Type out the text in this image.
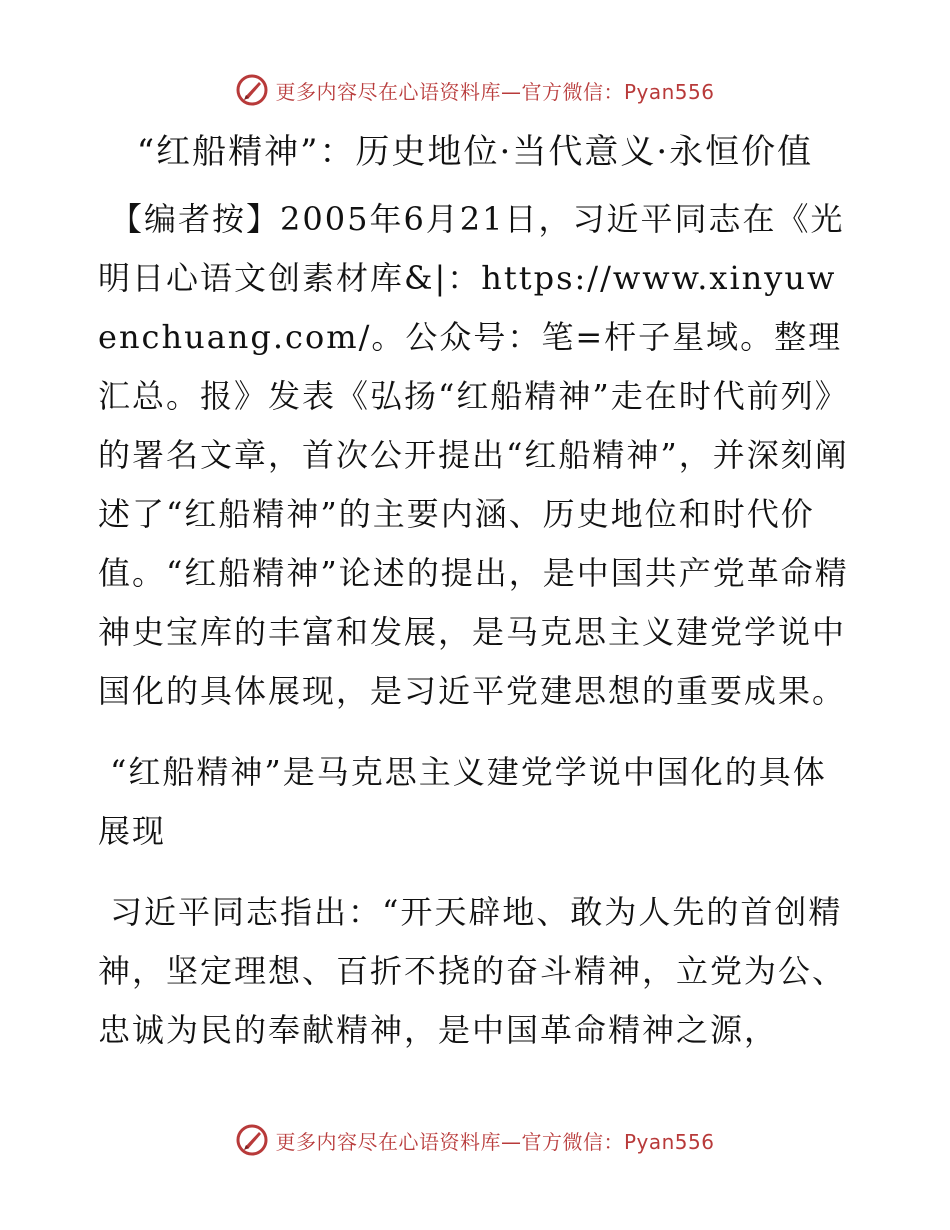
更多内容尽在心语资料库—官方微信：Pyan556
“红船精神”：历史地位·当代意义·永恒价值

【编者按】2005年6月21日，习近平同志在《光明日心语文创素材库&|：https://www.xinyuwenchuang.com/。公众号：笔=杆子星域。整理汇总。报》发表《弘扬“红船精神”走在时代前列》的署名文章，首次公开提出“红船精神”，并深刻阐述了“红船精神”的主要内涵、历史地位和时代价值。“红船精神”论述的提出，是中国共产党革命精神史宝库的丰富和发展，是马克思主义建党学说中国化的具体展现，是习近平党建思想的重要成果。

“红船精神”是马克思主义建党学说中国化的具体展现

习近平同志指出：“开天辟地、敢为人先的首创精神，坚定理想、百折不挠的奋斗精神，立党为公、忠诚为民的奉献精神，是中国革命精神之源，

更多内容尽在心语资料库—官方微信：Pyan556
